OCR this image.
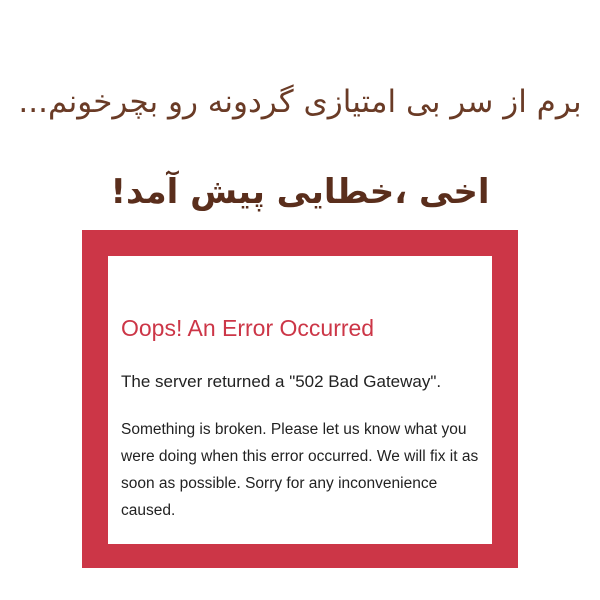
برم از سر بی امتیازی گردونه رو بچرخونم...
اخی ،خطایی پیش آمد!
Oops! An Error Occurred

The server returned a "502 Bad Gateway".

Something is broken. Please let us know what you were doing when this error occurred. We will fix it as soon as possible. Sorry for any inconvenience caused.
